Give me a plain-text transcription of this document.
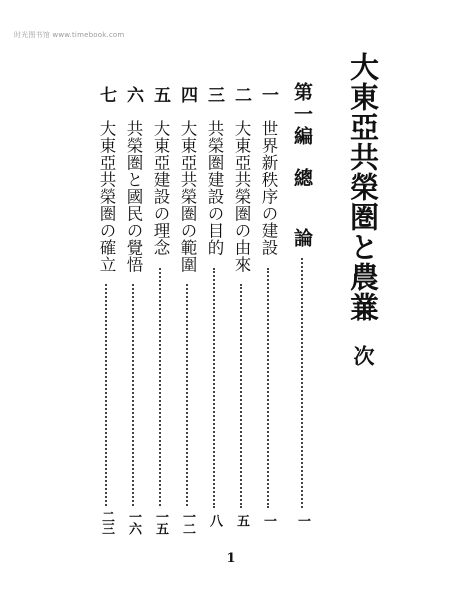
时光图书馆 www.timebook.com
大東亞共榮圏と農業
目次
第一編
總
論
一
一
世界新秩序の建設
一
二
大東亞共榮圏の由來
五
三
共榮圏建設の目的
八
四
大東亞共榮圏の範圍
一二
五
大東亞建設の理念
一五
六
共榮圏と國民の覺悟
一六
七
大東亞共榮圏の確立
二三
1
